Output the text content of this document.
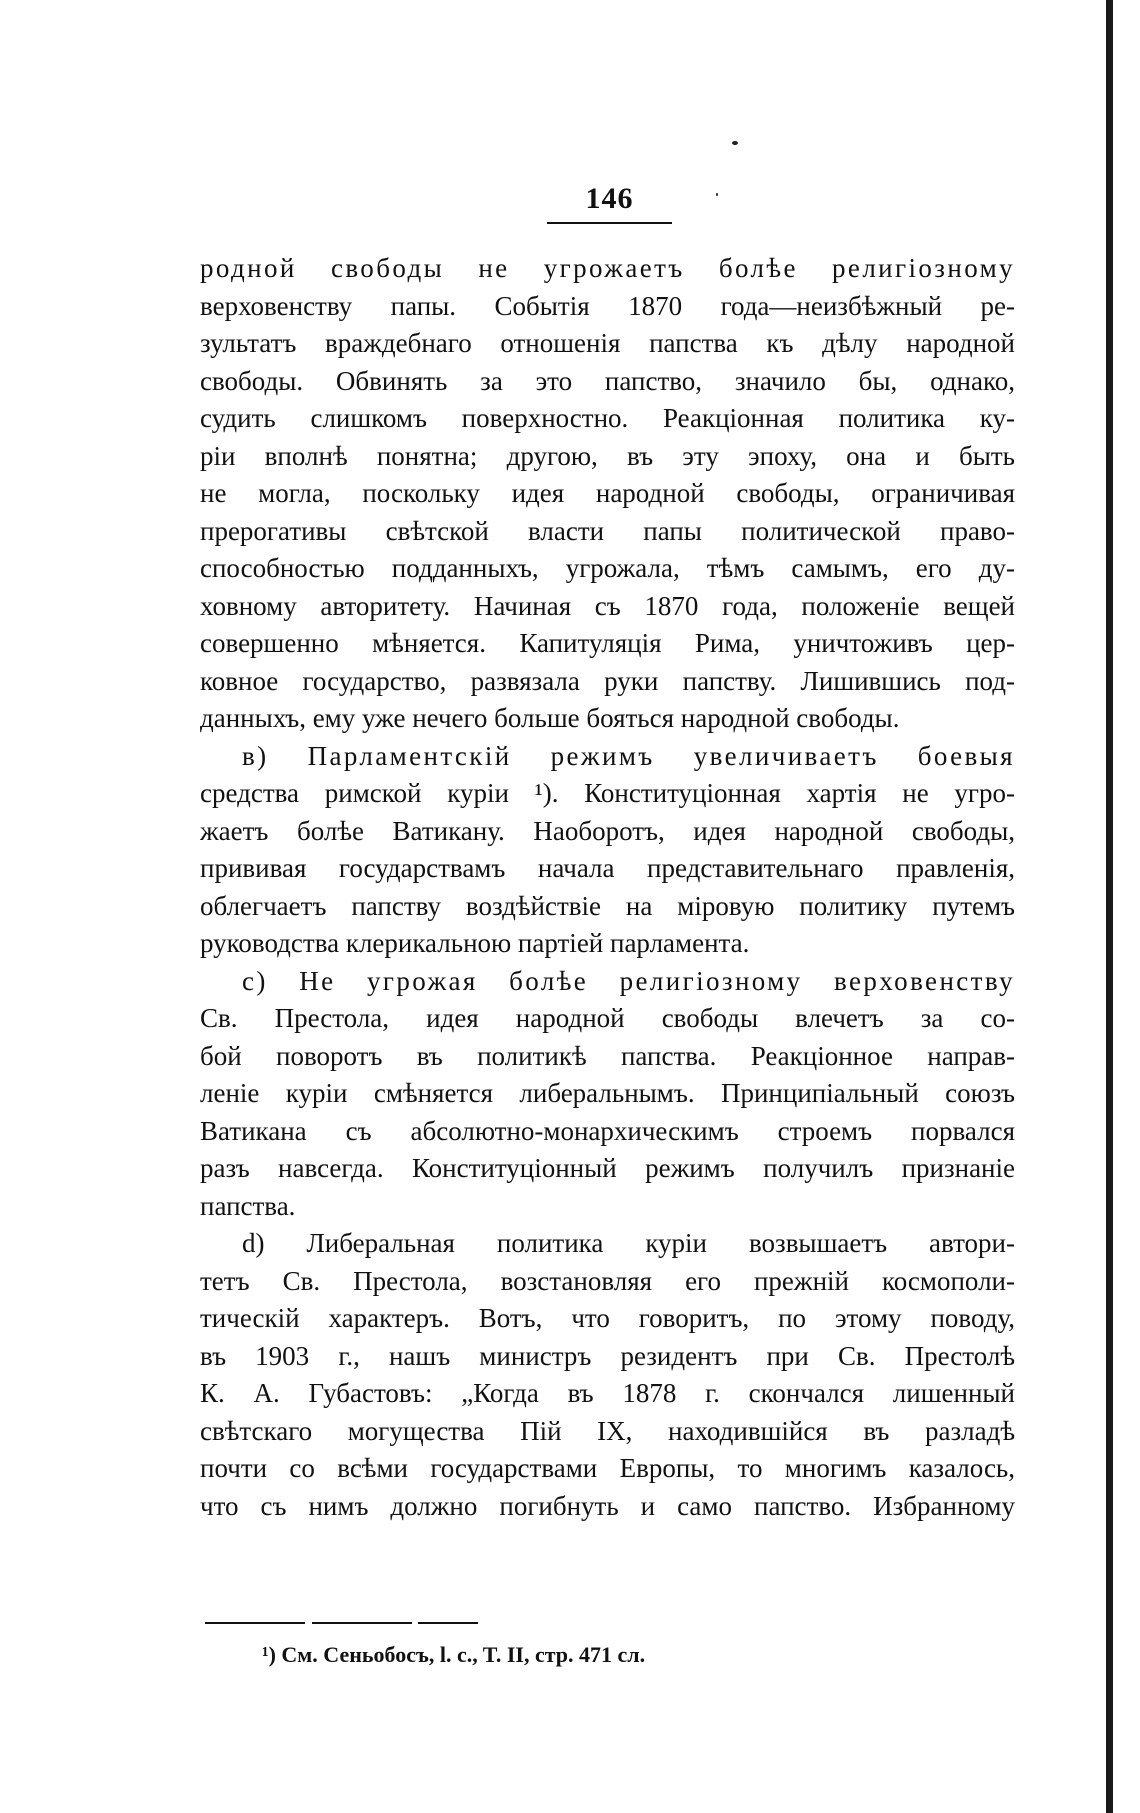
146
родной свободы не угрожаетъ болѣе религiозному
верховенству папы. Событiя 1870 года—неизбѣжный ре-
зультатъ враждебнаго отношенiя папства къ дѣлу народной
свободы. Обвинять за это папство, значило бы, однако,
судить слишкомъ поверхностно. Реакцiонная политика ку-
рiи вполнѣ понятна; другою, въ эту эпоху, она и быть
не могла, поскольку идея народной свободы, ограничивая
прерогативы свѣтской власти папы политической право-
способностью подданныхъ, угрожала, тѣмъ самымъ, его ду-
ховному авторитету. Начиная съ 1870 года, положенiе вещей
совершенно мѣняется. Капитуляцiя Рима, уничтоживъ цер-
ковное государство, развязала руки папству. Лишившись под-
данныхъ, ему уже нечего больше бояться народной свободы.
в) Парламентскiй режимъ увеличиваетъ боевыя
средства римской курiи ¹). Конституцiонная хартiя не угро-
жаетъ болѣе Ватикану. Наоборотъ, идея народной свободы,
прививая государствамъ начала представительнаго правленiя,
облегчаетъ папству воздѣйствiе на мiровую политику путемъ
руководства клерикальною партiей парламента.
c) Не угрожая болѣе религiозному верховенству
Св. Престола, идея народной свободы влечетъ за со-
бой поворотъ въ политикѣ папства. Реакцiонное направ-
ленiе курiи смѣняется либеральнымъ. Принципiальный союзъ
Ватикана съ абсолютно-монархическимъ строемъ порвался
разъ навсегда. Конституцiонный режимъ получилъ признанiе
папства.
d) Либеральная политика курiи возвышаетъ автори-
тетъ Св. Престола, возстановляя его прежнiй космополи-
тическiй характеръ. Вотъ, что говоритъ, по этому поводу,
въ 1903 г., нашъ министръ резидентъ при Св. Престолѣ
К. А. Губастовъ: „Когда въ 1878 г. скончался лишенный
свѣтскаго могущества Пiй IX, находившiйся въ разладѣ
почти со всѣми государствами Европы, то многимъ казалось,
что съ нимъ должно погибнуть и само папство. Избранному
¹) См. Сеньобосъ, l. c., T. II, стр. 471 сл.
